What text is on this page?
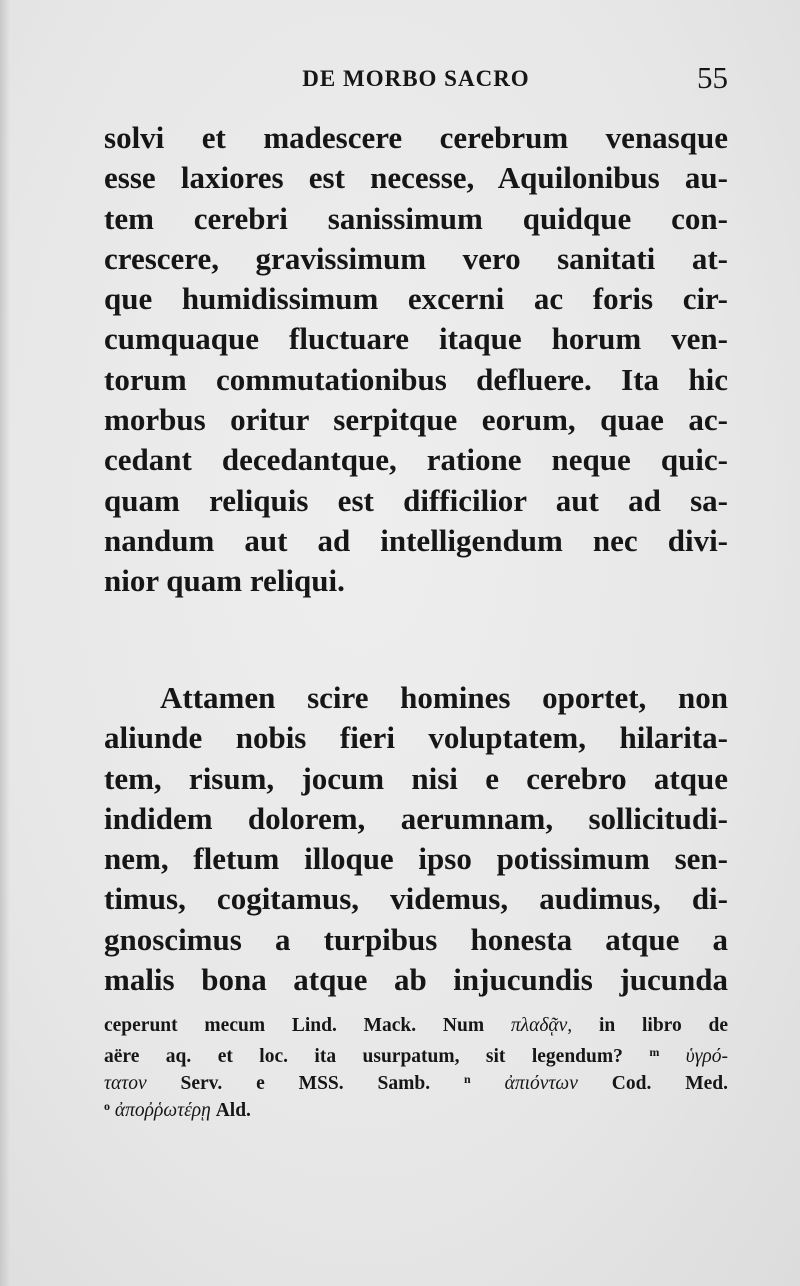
DE MORBO SACRO	55
solvi et madescere cerebrum venasque
esse laxiores est necesse, Aquilonibus au-
tem cerebri sanissimum quidque con-
crescere, gravissimum vero sanitati at-
que humidissimum excerni ac foris cir-
cumquaque fluctuare itaque horum ven-
torum commutationibus defluere. Ita hic
morbus oritur serpitque eorum, quae ac-
cedant decedantque, ratione neque quic-
quam reliquis est difficilior aut ad sa-
nandum aut ad intelligendum nec divi-
nior quam reliqui.
Attamen scire homines oportet, non
aliunde nobis fieri voluptatem, hilarita-
tem, risum, jocum nisi e cerebro atque
indidem dolorem, aerumnam, sollicitudi-
nem, fletum illoque ipso potissimum sen-
timus, cogitamus, videmus, audimus, di-
gnoscimus a turpibus honesta atque a
malis bona atque ab injucundis jucunda
ceperunt mecum Lind. Mack. Num πλαδᾷν, in libro de
aëre aq. et loc. ita usurpatum, sit legendum? $^m$ ὑγρό-
τατον Serv. e MSS. Samb.	$^n$ ἀπιόντων Cod. Med.
$^o$ ἀποῤῥωτέρῃ Ald.
